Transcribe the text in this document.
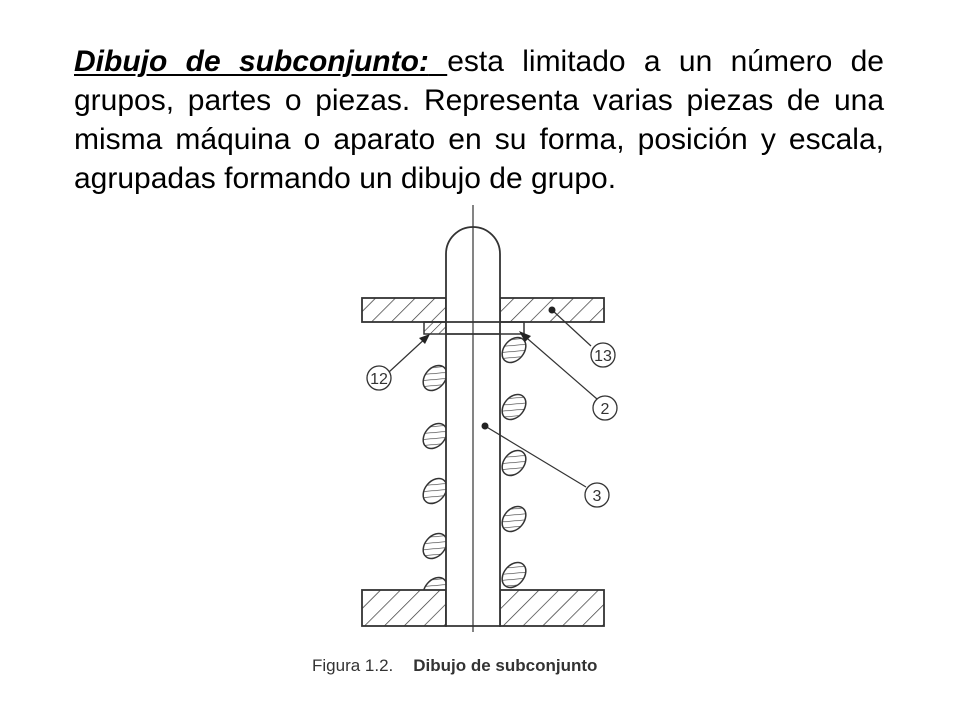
Dibujo de subconjunto: esta limitado a un número de grupos, partes o piezas. Representa varias piezas de una misma máquina o aparato en su forma, posición y escala, agrupadas formando un dibujo de grupo.

13
12
2
3
Figura 1.2. Dibujo de subconjunto
